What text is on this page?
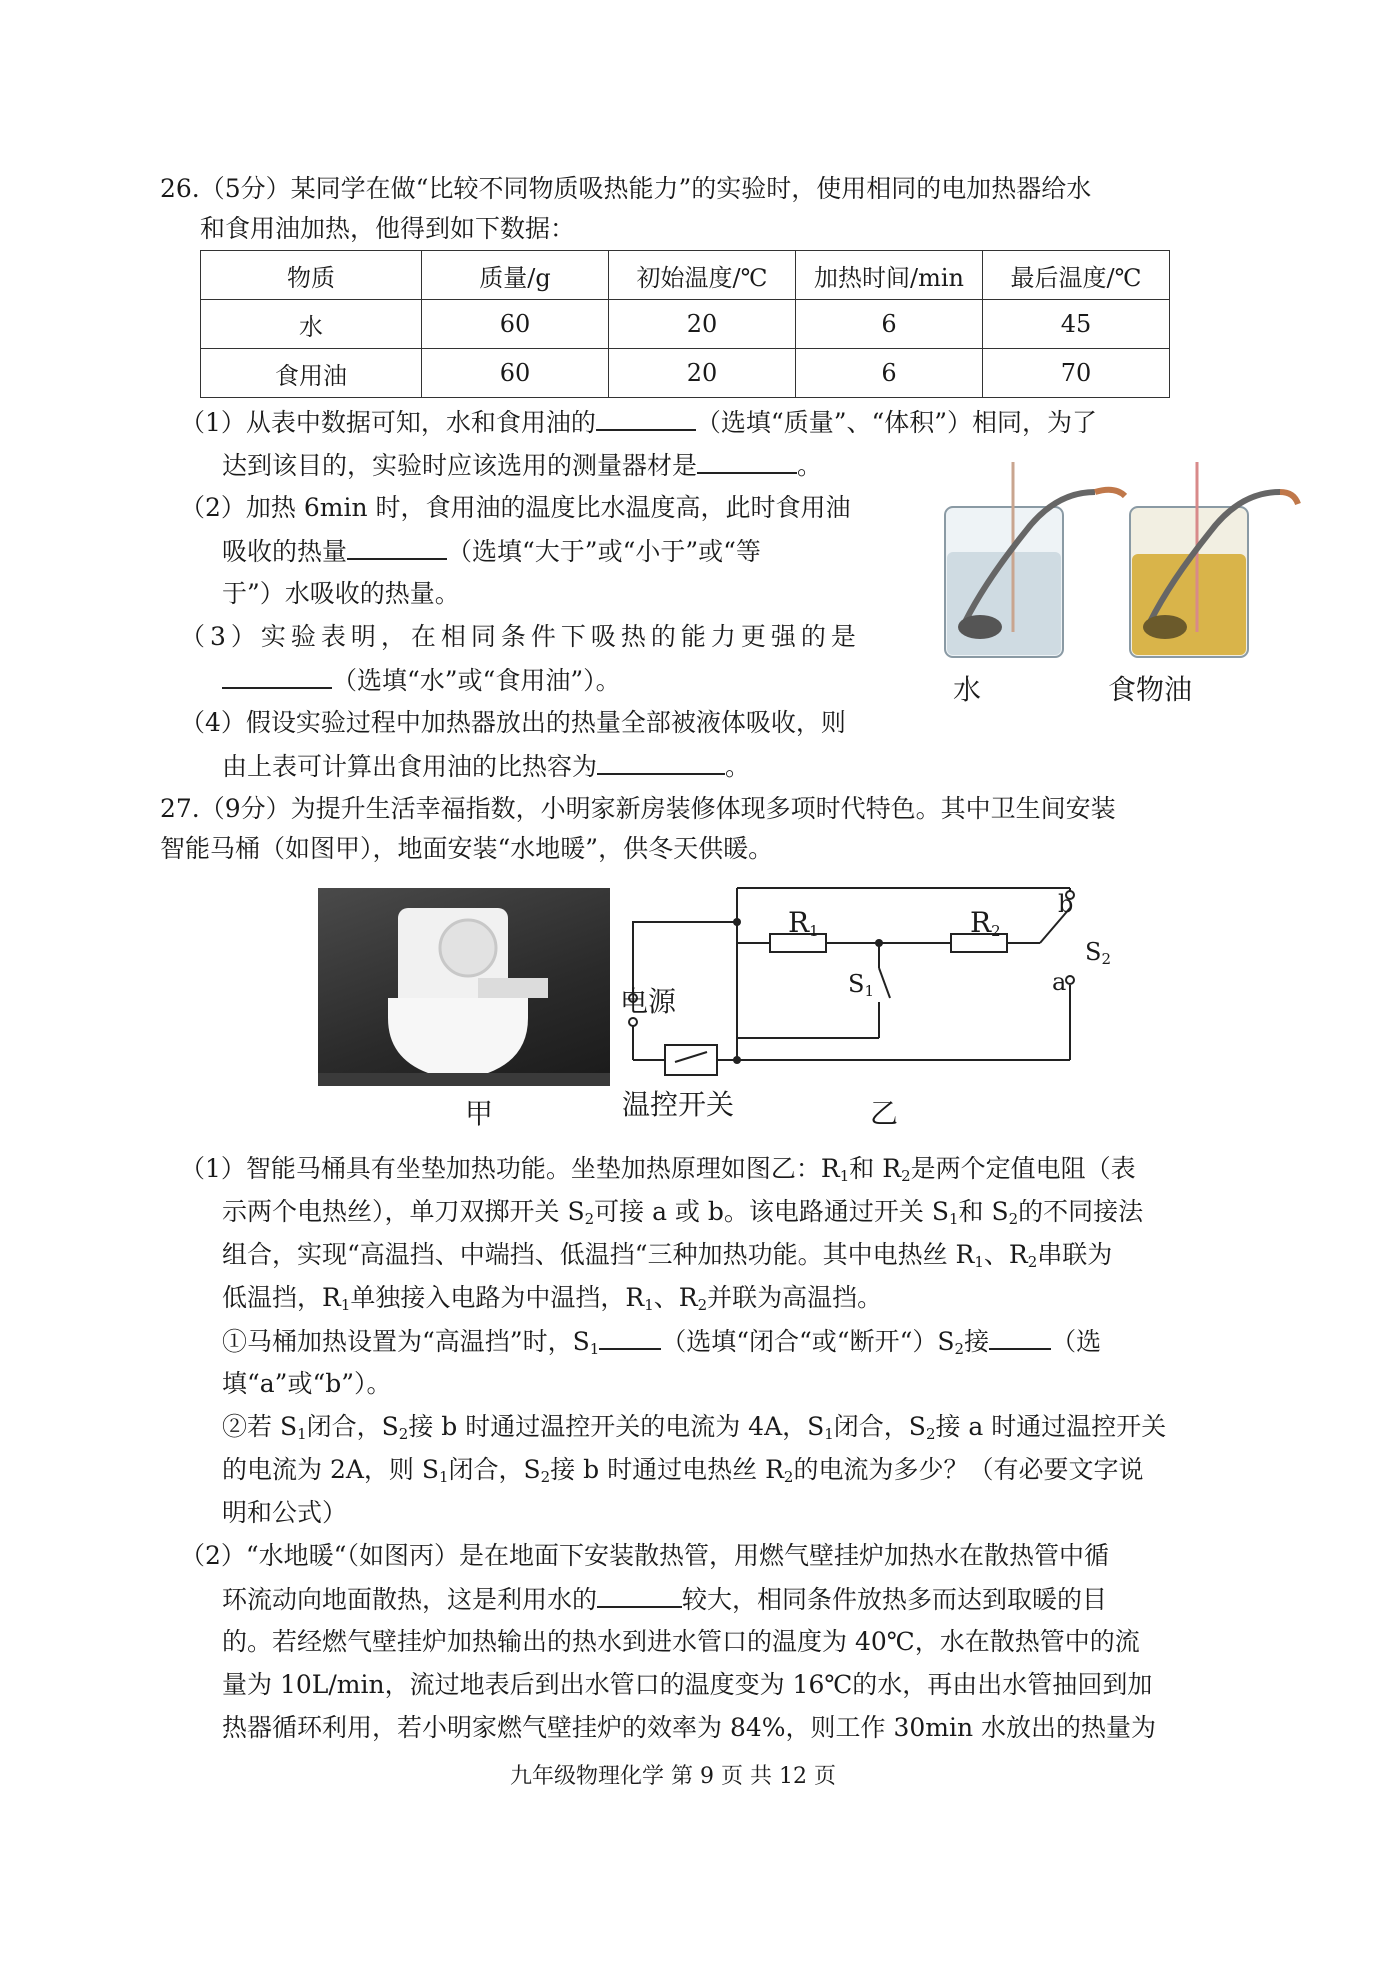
26.（5分）某同学在做“比较不同物质吸热能力”的实验时，使用相同的电加热器给水
和食用油加热，他得到如下数据：
物质	质量/g	初始温度/℃	加热时间/min	最后温度/℃
水	60	20	6	45
食用油	60	20	6	70
（1）从表中数据可知，水和食用油的	（选填“质量”、“体积”）相同，为了
达到该目的，实验时应该选用的测量器材是	。
（2）加热 6min 时，食用油的温度比水温度高，此时食用油
吸收的热量	（选填“大于”或“小于”或“等
于”）水吸收的热量。
（3）实验表明，在相同条件下吸热的能力更强的是
（选填“水”或“食用油”）。
（4）假设实验过程中加热器放出的热量全部被液体吸收，则
由上表可计算出食用油的比热容为	。
水	食物油
27.（9分）为提升生活幸福指数，小明家新房装修体现多项时代特色。其中卫生间安装
智能马桶（如图甲），地面安装“水地暖”，供冬天供暖。
甲
$R_1$	$R_2$
b
$S_2$
a
$S_1$
电源
温控开关	乙
（1）智能马桶具有坐垫加热功能。坐垫加热原理如图乙：$R_1$和 $R_2$是两个定值电阻（表
示两个电热丝），单刀双掷开关 $S_2$可接 a 或 b。该电路通过开关 $S_1$和 $S_2$的不同接法
组合，实现“高温挡、中端挡、低温挡“三种加热功能。其中电热丝 $R_1$、$R_2$串联为
低温挡，$R_1$单独接入电路为中温挡，$R_1$、$R_2$并联为高温挡。
①马桶加热设置为“高温挡”时，$S_1$ （选填“闭合“或“断开“）$S_2$接 （选
填“a”或“b”）。
②若 $S_1$闭合，$S_2$接 b 时通过温控开关的电流为 4A，$S_1$闭合，$S_2$接 a 时通过温控开关
的电流为 2A，则 $S_1$闭合，$S_2$接 b 时通过电热丝 $R_2$的电流为多少？（有必要文字说
明和公式）
（2）“水地暖“（如图丙）是在地面下安装散热管，用燃气壁挂炉加热水在散热管中循
环流动向地面散热，这是利用水的	较大，相同条件放热多而达到取暖的目
的。若经燃气壁挂炉加热输出的热水到进水管口的温度为 40℃，水在散热管中的流
量为 10L/min，流过地表后到出水管口的温度变为 16℃的水，再由出水管抽回到加
热器循环利用，若小明家燃气壁挂炉的效率为 84%，则工作 30min 水放出的热量为
九年级物理化学 第 9 页 共 12 页
